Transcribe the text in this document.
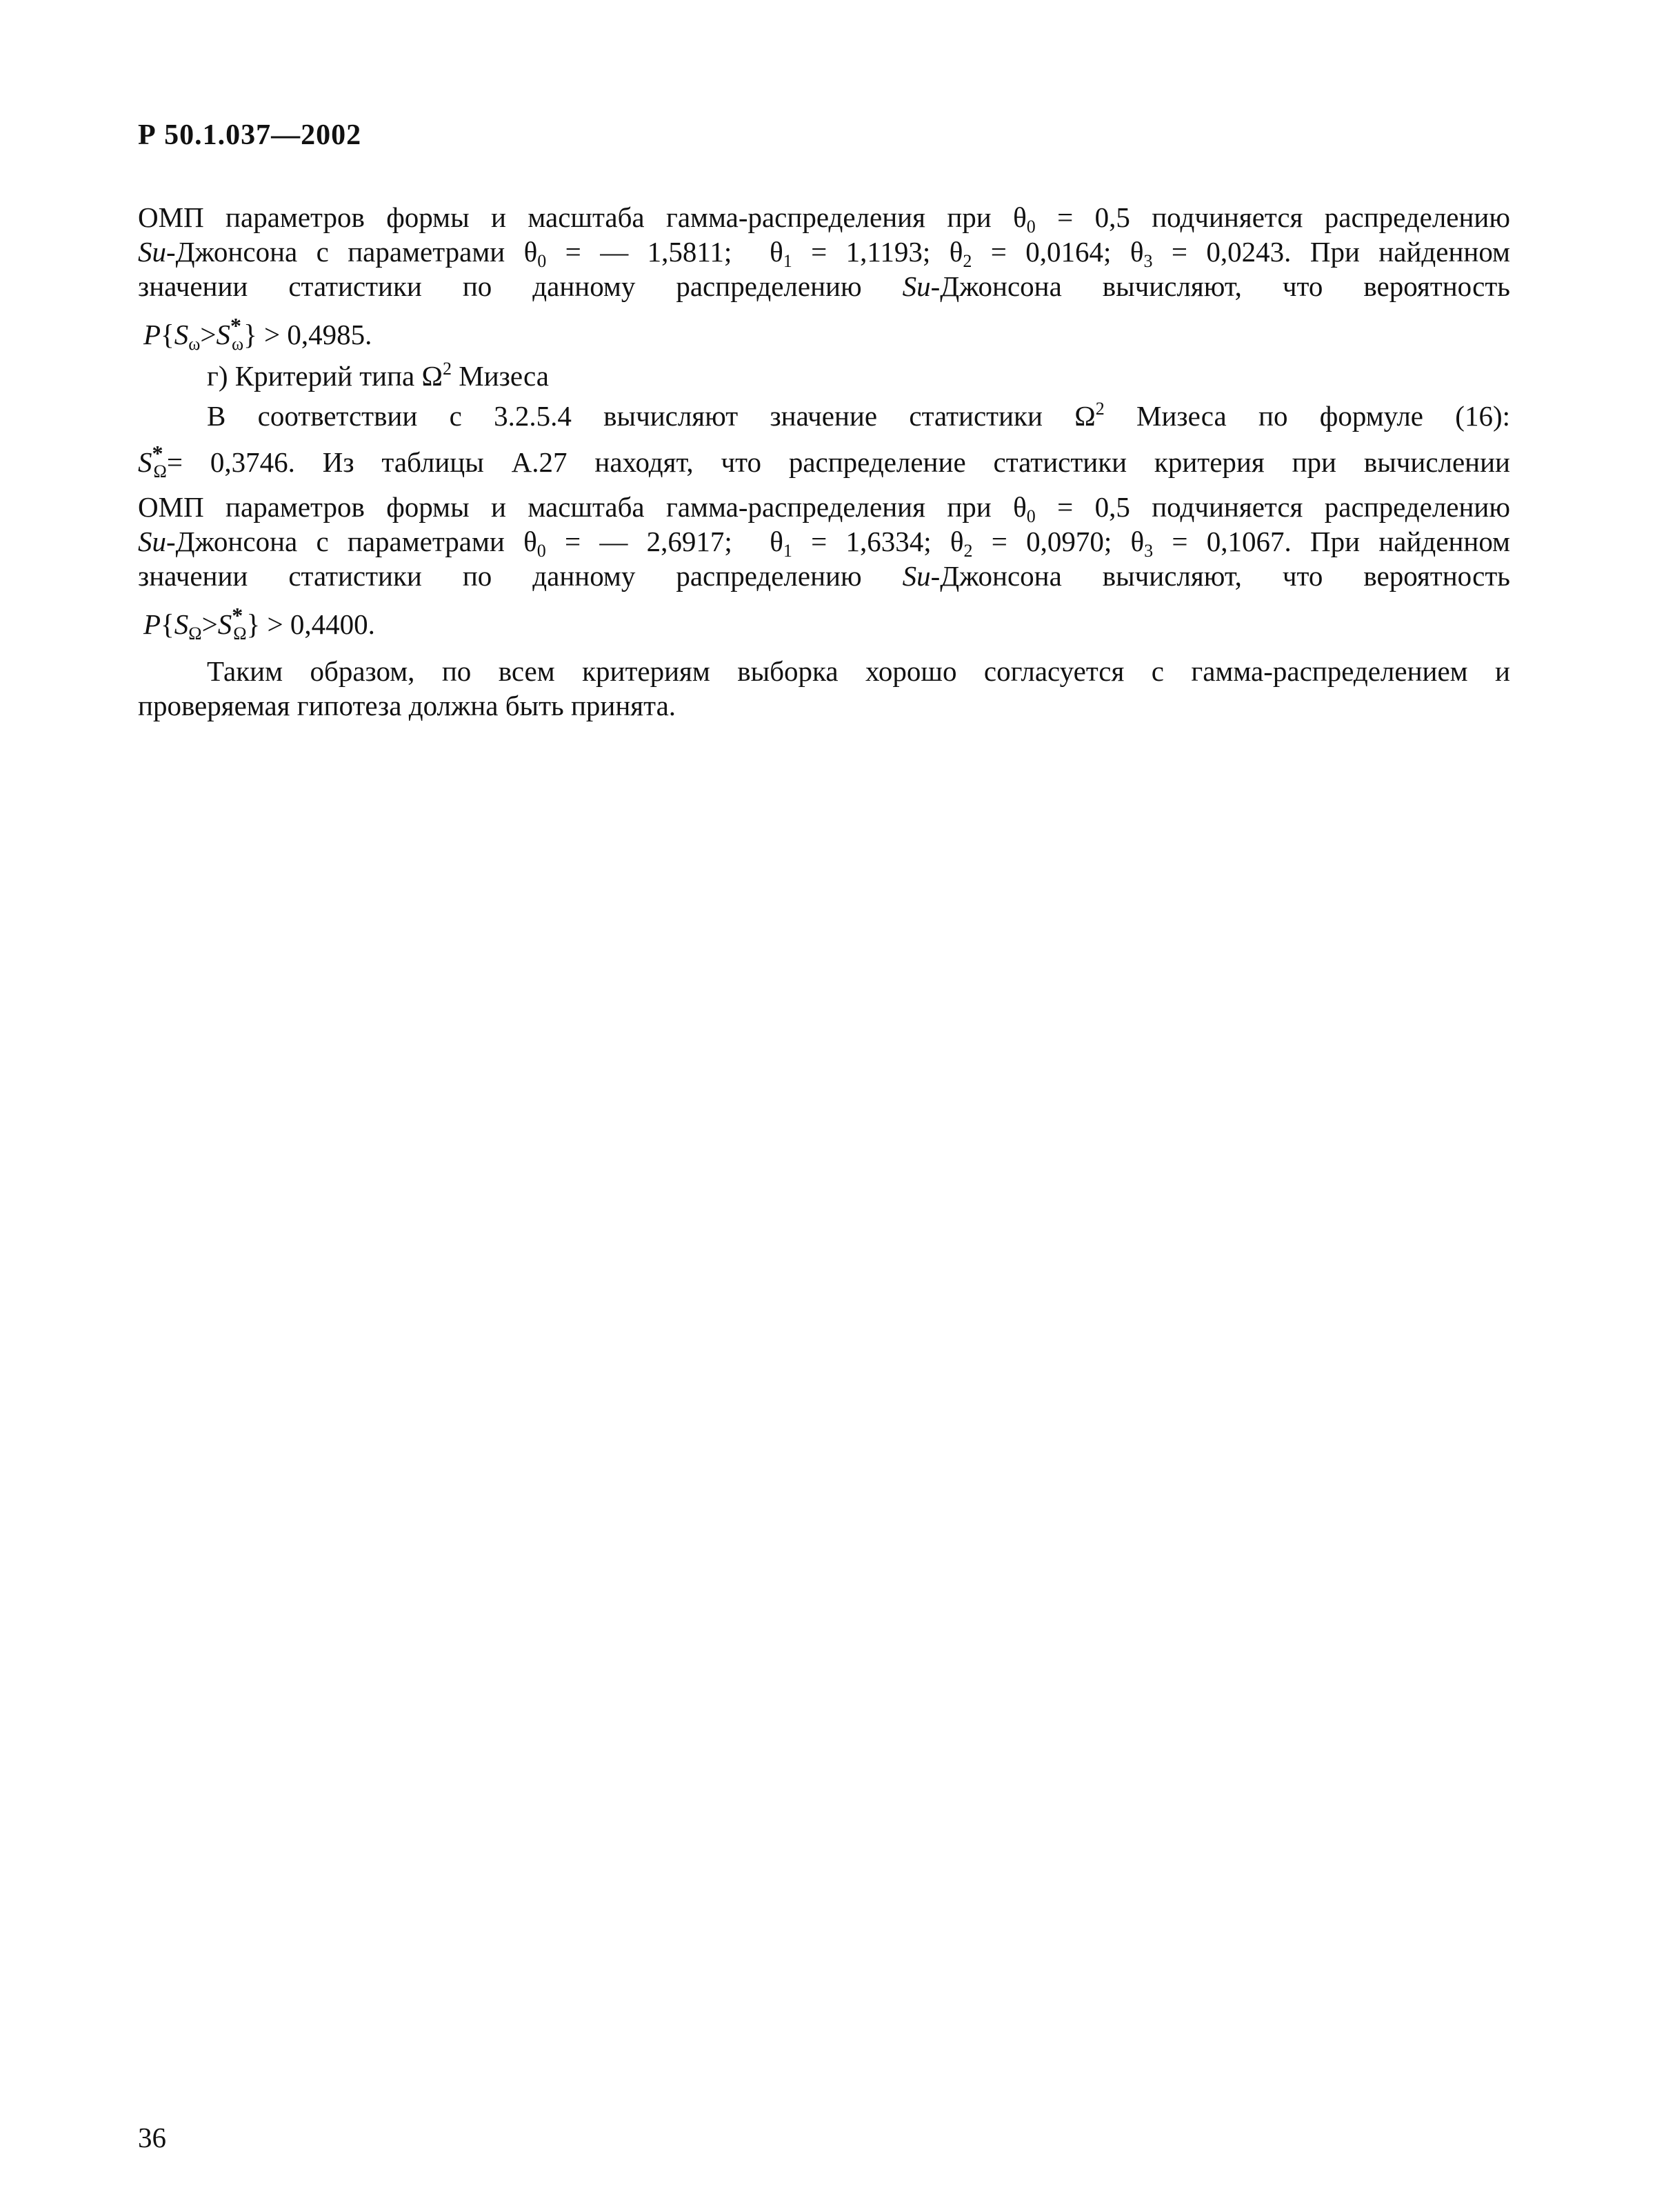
Р 50.1.037—2002
ОМП параметров формы и масштаба гамма-распределения при $\theta_0 = 0,5$ подчиняется распределению
Su-Джонсона с параметрами $\theta_0$ = — 1,5811;  $\theta_1 = 1,1193$; $\theta_2 = 0,0164$; $\theta_3 = 0,0243$. При найденном
значении статистики по данному распределению Su-Джонсона вычисляют, что вероятность
$P\{S_\omega>S^*_\omega\} > 0,4985$.
г) Критерий типа $\Omega^2$ Мизеса
В соответствии с 3.2.5.4 вычисляют значение статистики $\Omega^2$ Мизеса по формуле (16):
$S^*_\Omega= 0,3746$. Из таблицы А.27 находят, что распределение статистики критерия при вычислении
ОМП параметров формы и масштаба гамма-распределения при $\theta_0 = 0,5$ подчиняется распределению
Su-Джонсона с параметрами $\theta_0$ = — 2,6917;  $\theta_1 = 1,6334$; $\theta_2 = 0,0970$; $\theta_3 = 0,1067$. При найденном
значении статистики по данному распределению Su-Джонсона вычисляют, что вероятность
$P\{S_\Omega>S^*_\Omega\} > 0,4400$.
Таким образом, по всем критериям выборка хорошо согласуется с гамма-распределением и
проверяемая гипотеза должна быть принята.
36
